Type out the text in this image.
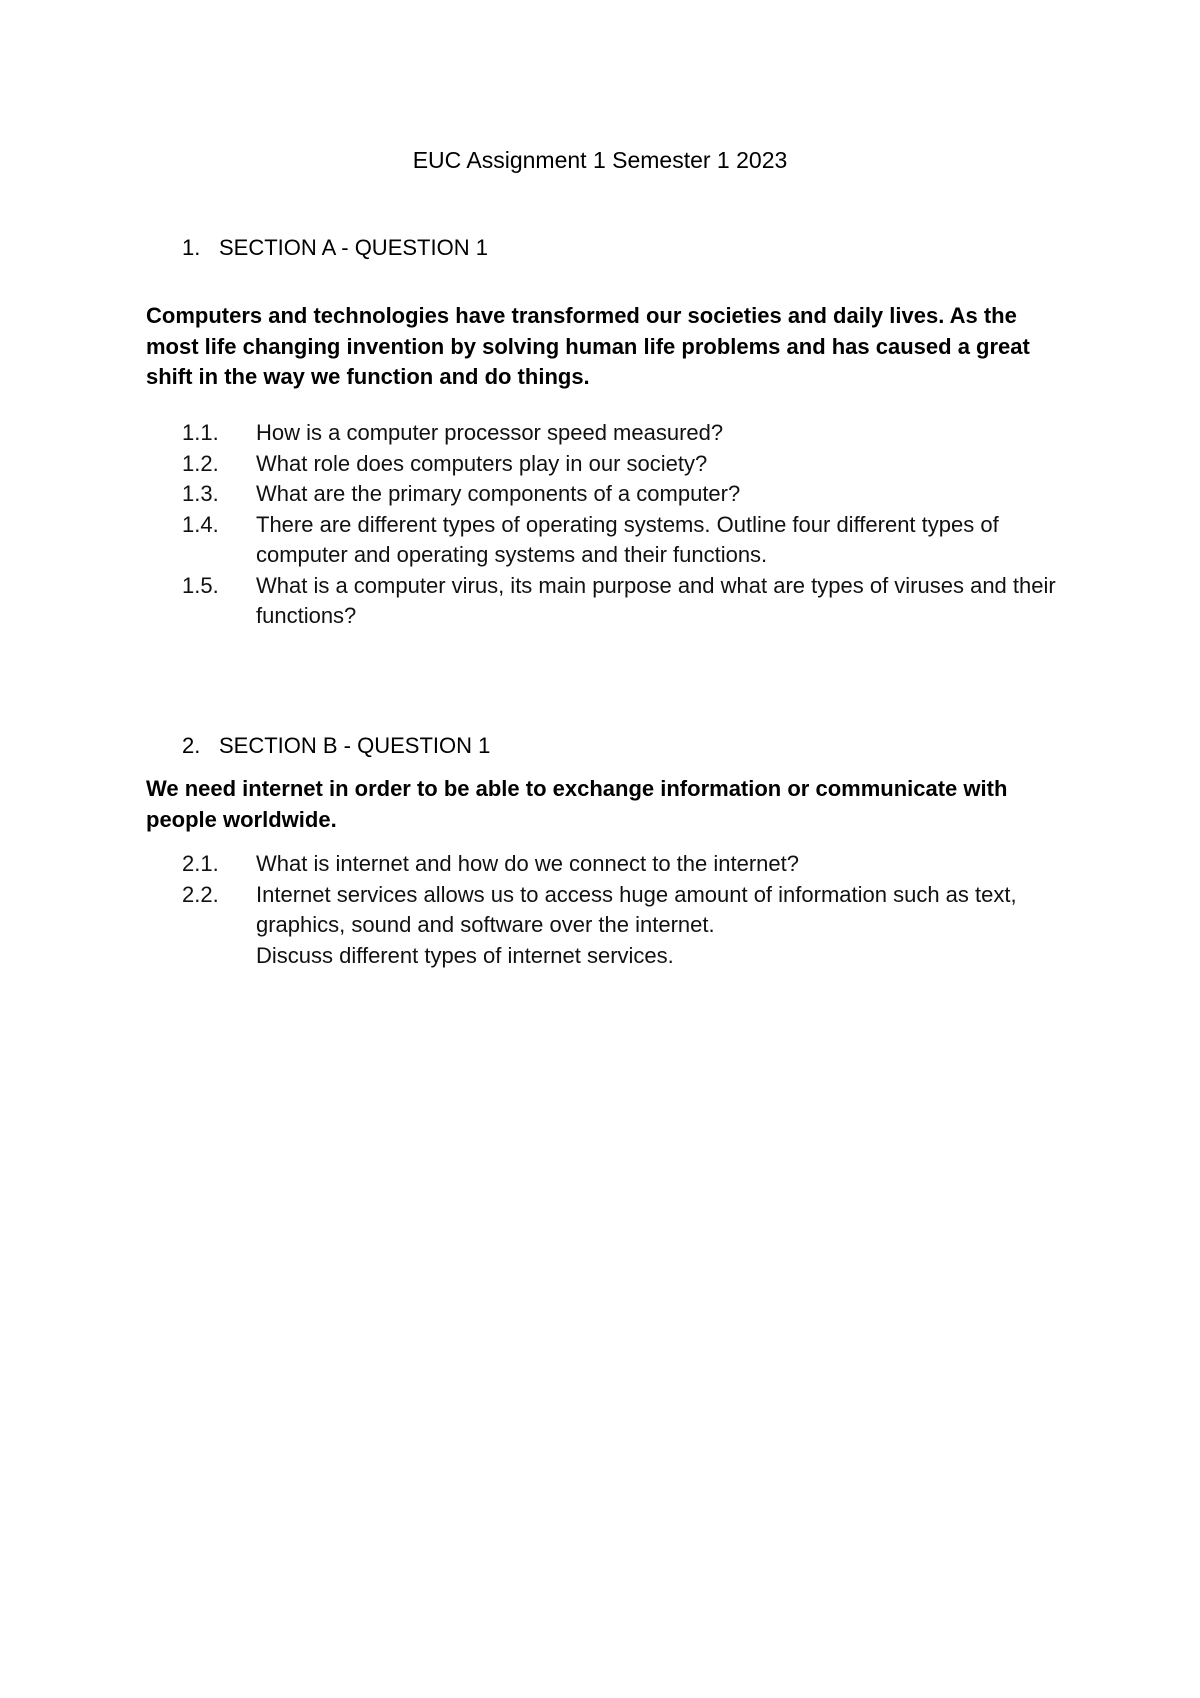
EUC Assignment 1 Semester 1 2023
1. SECTION A - QUESTION 1
Computers and technologies have transformed our societies and daily lives. As the most life changing invention by solving human life problems and has caused a great shift in the way we function and do things.
1.1. How is a computer processor speed measured?
1.2. What role does computers play in our society?
1.3. What are the primary components of a computer?
1.4. There are different types of operating systems. Outline four different types of computer and operating systems and their functions.
1.5. What is a computer virus, its main purpose and what are types of viruses and their functions?
2. SECTION B - QUESTION 1
We need internet in order to be able to exchange information or communicate with people worldwide.
2.1. What is internet and how do we connect to the internet?
2.2. Internet services allows us to access huge amount of information such as text, graphics, sound and software over the internet.
Discuss different types of internet services.
